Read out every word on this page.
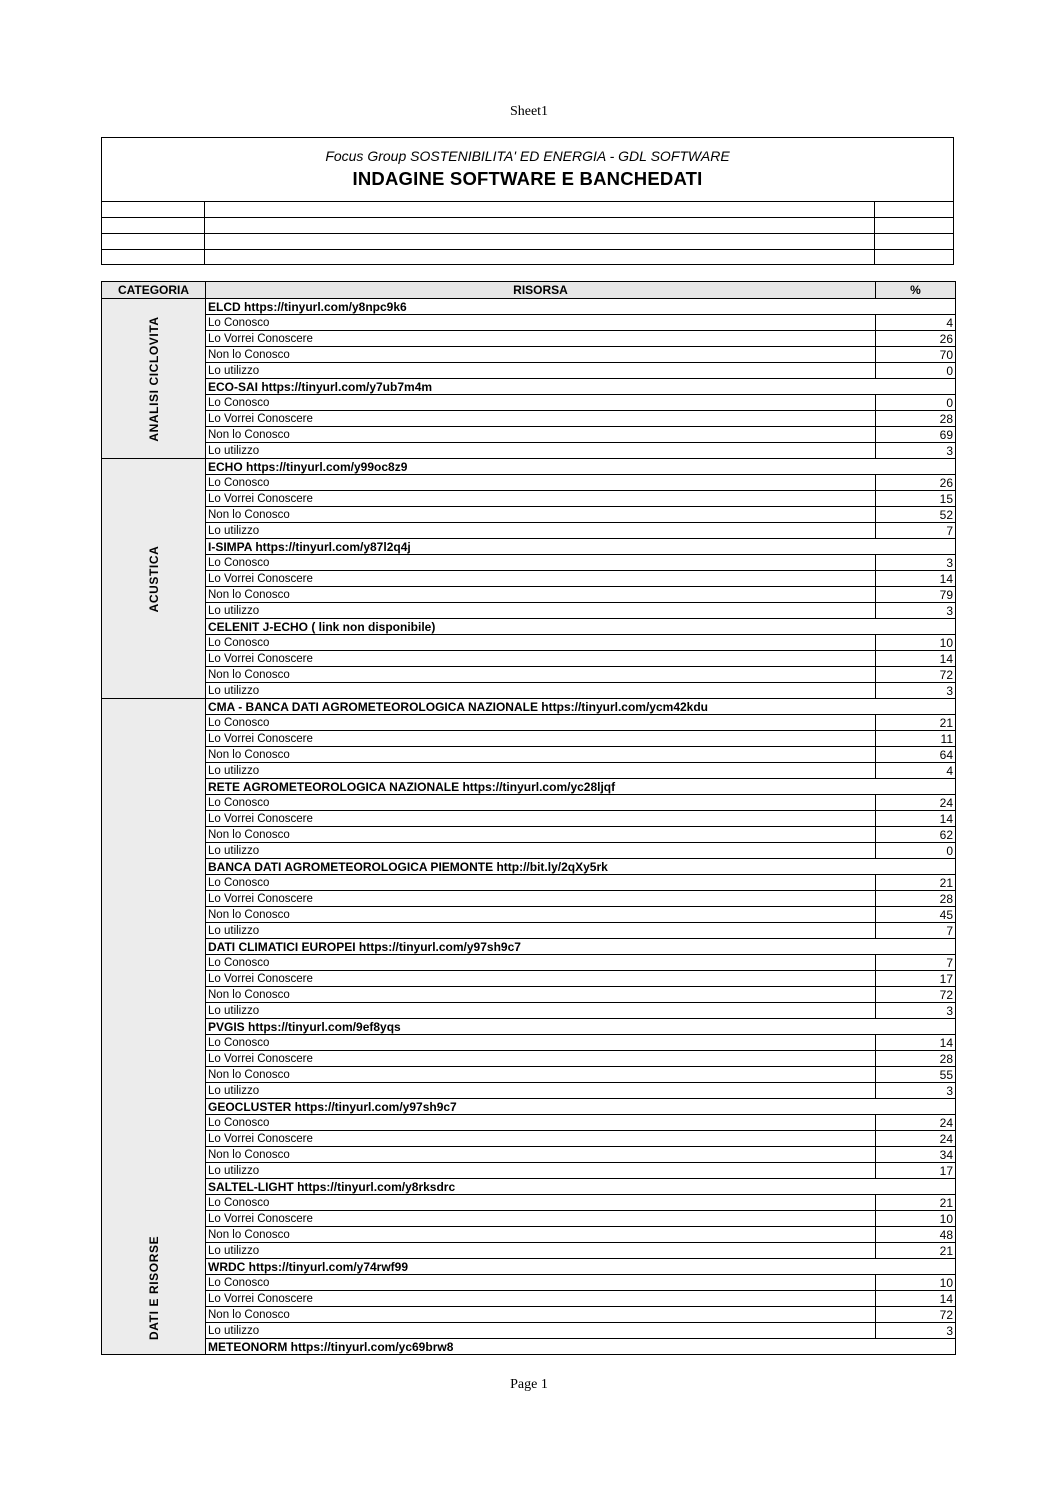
Sheet1
Focus Group SOSTENIBILITA' ED ENERGIA - GDL SOFTWARE
INDAGINE SOFTWARE E BANCHEDATI
CATEGORIA	RISORSA	%

ANALISI CICLOVITA	ELCD https://tinyurl.com/y8npc9k6	
	Lo Conosco	4
	Lo Vorrei Conoscere	26
	Non lo Conosco	70
	Lo utilizzo	0
	ECO-SAI https://tinyurl.com/y7ub7m4m	
	Lo Conosco	0
	Lo Vorrei Conoscere	28
	Non lo Conosco	69
	Lo utilizzo	3

ACUSTICA	ECHO https://tinyurl.com/y99oc8z9	
	Lo Conosco	26
	Lo Vorrei Conoscere	15
	Non lo Conosco	52
	Lo utilizzo	7
	I-SIMPA https://tinyurl.com/y87l2q4j	
	Lo Conosco	3
	Lo Vorrei Conoscere	14
	Non lo Conosco	79
	Lo utilizzo	3
	CELENIT J-ECHO ( link non disponibile)	
	Lo Conosco	10
	Lo Vorrei Conoscere	14
	Non lo Conosco	72
	Lo utilizzo	3

DATI E RISORSE	CMA - BANCA DATI AGROMETEOROLOGICA NAZIONALE https://tinyurl.com/ycm42kdu	
	Lo Conosco	21
	Lo Vorrei Conoscere	11
	Non lo Conosco	64
	Lo utilizzo	4
	RETE AGROMETEOROLOGICA NAZIONALE https://tinyurl.com/yc28ljqf	
	Lo Conosco	24
	Lo Vorrei Conoscere	14
	Non lo Conosco	62
	Lo utilizzo	0
	BANCA DATI AGROMETEOROLOGICA PIEMONTE http://bit.ly/2qXy5rk	
	Lo Conosco	21
	Lo Vorrei Conoscere	28
	Non lo Conosco	45
	Lo utilizzo	7
	DATI CLIMATICI EUROPEI https://tinyurl.com/y97sh9c7	
	Lo Conosco	7
	Lo Vorrei Conoscere	17
	Non lo Conosco	72
	Lo utilizzo	3
	PVGIS https://tinyurl.com/9ef8yqs	
	Lo Conosco	14
	Lo Vorrei Conoscere	28
	Non lo Conosco	55
	Lo utilizzo	3
	GEOCLUSTER https://tinyurl.com/y97sh9c7	
	Lo Conosco	24
	Lo Vorrei Conoscere	24
	Non lo Conosco	34
	Lo utilizzo	17
	SALTEL-LIGHT https://tinyurl.com/y8rksdrc	
	Lo Conosco	21
	Lo Vorrei Conoscere	10
	Non lo Conosco	48
	Lo utilizzo	21
	WRDC https://tinyurl.com/y74rwf99	
	Lo Conosco	10
	Lo Vorrei Conoscere	14
	Non lo Conosco	72
	Lo utilizzo	3
	METEONORM https://tinyurl.com/yc69brw8	
Page 1
